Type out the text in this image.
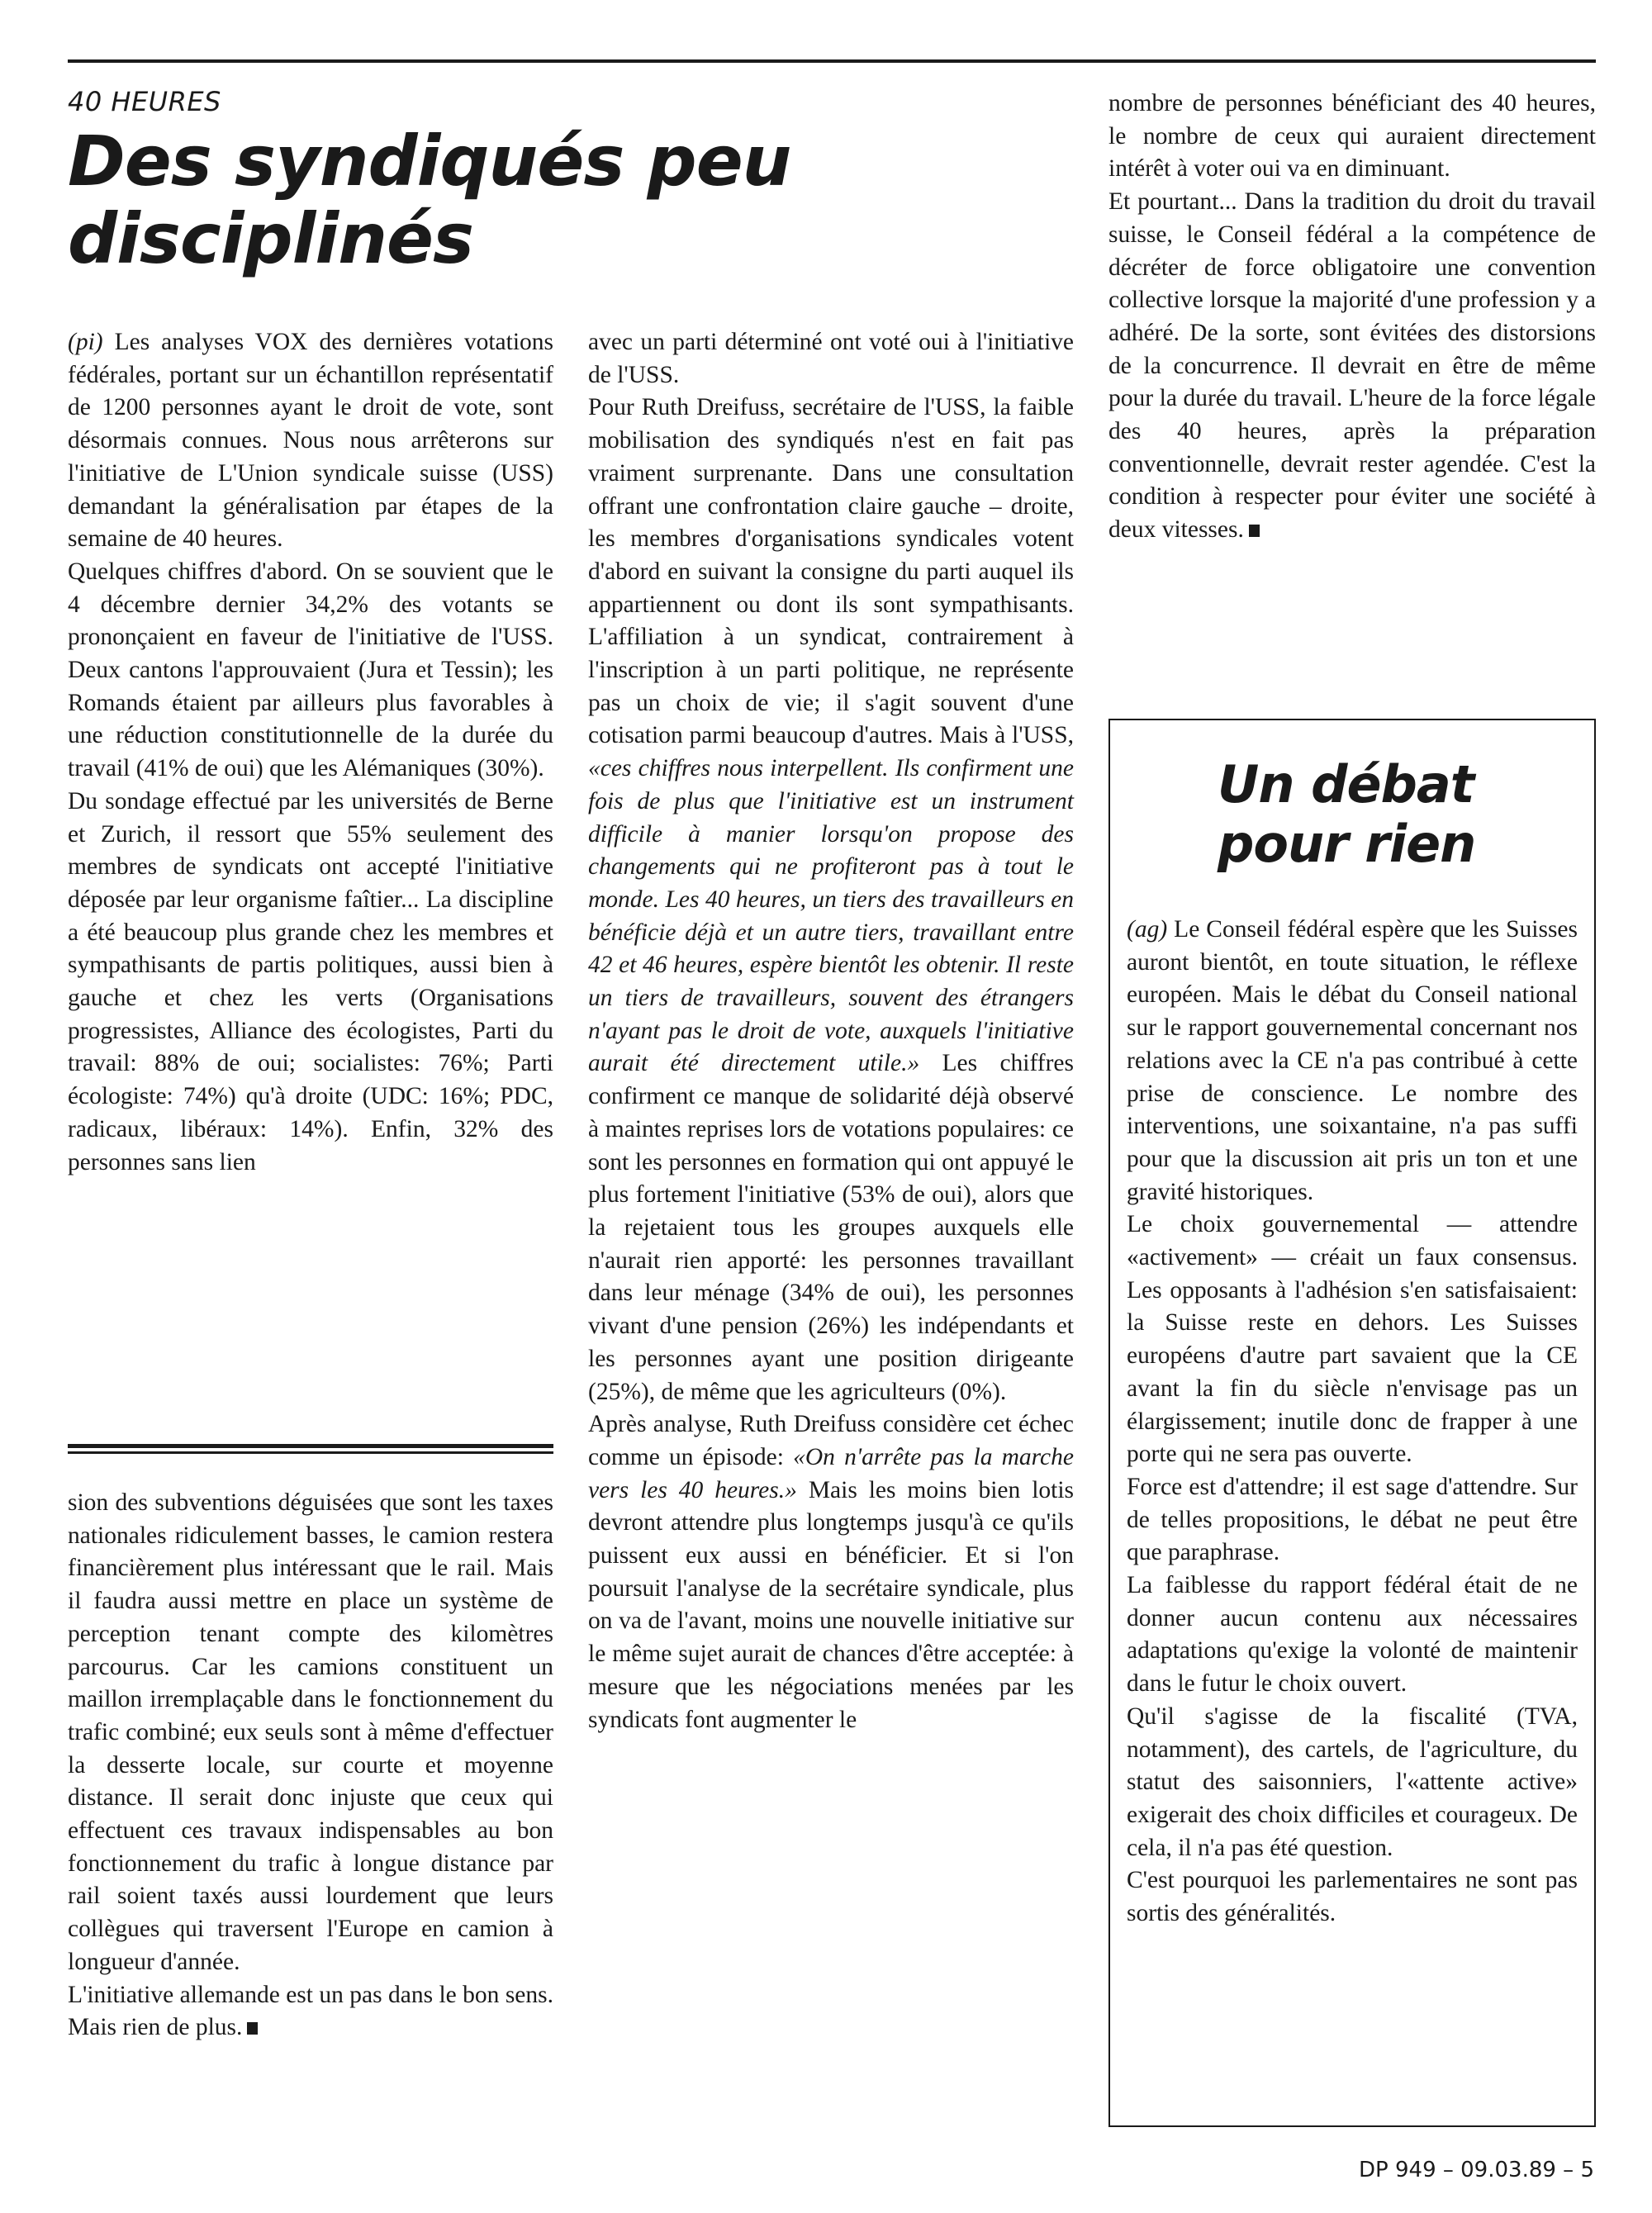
40 HEURES
Des syndiqués peu disciplinés

(pi) Les analyses VOX des dernières votations fédérales, portant sur un échantillon représentatif de 1200 personnes ayant le droit de vote, sont désormais connues. Nous nous arrêterons sur l'initiative de L'Union syndicale suisse (USS) demandant la généralisation par étapes de la semaine de 40 heures.

Quelques chiffres d'abord. On se souvient que le 4 décembre dernier 34,2% des votants se prononçaient en faveur de l'initiative de l'USS. Deux cantons l'approuvaient (Jura et Tessin); les Romands étaient par ailleurs plus favorables à une réduction constitutionnelle de la durée du travail (41% de oui) que les Alémaniques (30%).

Du sondage effectué par les universités de Berne et Zurich, il ressort que 55% seulement des membres de syndicats ont accepté l'initiative déposée par leur organisme faîtier... La discipline a été beaucoup plus grande chez les membres et sympathisants de partis politiques, aussi bien à gauche et chez les verts (Organisations progressistes, Alliance des écologistes, Parti du travail: 88% de oui; socialistes: 76%; Parti écologiste: 74%) qu'à droite (UDC: 16%; PDC, radicaux, libéraux: 14%). Enfin, 32% des personnes sans lien

sion des subventions déguisées que sont les taxes nationales ridiculement basses, le camion restera financièrement plus intéressant que le rail. Mais il faudra aussi mettre en place un système de perception tenant compte des kilomètres parcourus. Car les camions constituent un maillon irremplaçable dans le fonctionnement du trafic combiné; eux seuls sont à même d'effectuer la desserte locale, sur courte et moyenne distance. Il serait donc injuste que ceux qui effectuent ces travaux indispensables au bon fonctionnement du trafic à longue distance par rail soient taxés aussi lourdement que leurs collègues qui traversent l'Europe en camion à longueur d'année.

L'initiative allemande est un pas dans le bon sens. Mais rien de plus.

avec un parti déterminé ont voté oui à l'initiative de l'USS.

Pour Ruth Dreifuss, secrétaire de l'USS, la faible mobilisation des syndiqués n'est en fait pas vraiment surprenante. Dans une consultation offrant une confrontation claire gauche – droite, les membres d'organisations syndicales votent d'abord en suivant la consigne du parti auquel ils appartiennent ou dont ils sont sympathisants. L'affiliation à un syndicat, contrairement à l'inscription à un parti politique, ne représente pas un choix de vie; il s'agit souvent d'une cotisation parmi beaucoup d'autres. Mais à l'USS, «ces chiffres nous interpellent. Ils confirment une fois de plus que l'initiative est un instrument difficile à manier lorsqu'on propose des changements qui ne profiteront pas à tout le monde. Les 40 heures, un tiers des travailleurs en bénéficie déjà et un autre tiers, travaillant entre 42 et 46 heures, espère bientôt les obtenir. Il reste un tiers de travailleurs, souvent des étrangers n'ayant pas le droit de vote, auxquels l'initiative aurait été directement utile.» Les chiffres confirment ce manque de solidarité déjà observé à maintes reprises lors de votations populaires: ce sont les personnes en formation qui ont appuyé le plus fortement l'initiative (53% de oui), alors que la rejetaient tous les groupes auxquels elle n'aurait rien apporté: les personnes travaillant dans leur ménage (34% de oui), les personnes vivant d'une pension (26%) les indépendants et les personnes ayant une position dirigeante (25%), de même que les agriculteurs (0%).

Après analyse, Ruth Dreifuss considère cet échec comme un épisode: «On n'arrête pas la marche vers les 40 heures.» Mais les moins bien lotis devront attendre plus longtemps jusqu'à ce qu'ils puissent eux aussi en bénéficier. Et si l'on poursuit l'analyse de la secrétaire syndicale, plus on va de l'avant, moins une nouvelle initiative sur le même sujet aurait de chances d'être acceptée: à mesure que les négociations menées par les syndicats font augmenter le

nombre de personnes bénéficiant des 40 heures, le nombre de ceux qui auraient directement intérêt à voter oui va en diminuant.

Et pourtant... Dans la tradition du droit du travail suisse, le Conseil fédéral a la compétence de décréter de force obligatoire une convention collective lorsque la majorité d'une profession y a adhéré. De la sorte, sont évitées des distorsions de la concurrence. Il devrait en être de même pour la durée du travail. L'heure de la force légale des 40 heures, après la préparation conventionnelle, devrait rester agendée. C'est la condition à respecter pour éviter une société à deux vitesses.

Un débat pour rien

(ag) Le Conseil fédéral espère que les Suisses auront bientôt, en toute situation, le réflexe européen. Mais le débat du Conseil national sur le rapport gouvernemental concernant nos relations avec la CE n'a pas contribué à cette prise de conscience. Le nombre des interventions, une soixantaine, n'a pas suffi pour que la discussion ait pris un ton et une gravité historiques.

Le choix gouvernemental — attendre «activement» — créait un faux consensus. Les opposants à l'adhésion s'en satisfaisaient: la Suisse reste en dehors. Les Suisses européens d'autre part savaient que la CE avant la fin du siècle n'envisage pas un élargissement; inutile donc de frapper à une porte qui ne sera pas ouverte.

Force est d'attendre; il est sage d'attendre. Sur de telles propositions, le débat ne peut être que paraphrase.

La faiblesse du rapport fédéral était de ne donner aucun contenu aux nécessaires adaptations qu'exige la volonté de maintenir dans le futur le choix ouvert.

Qu'il s'agisse de la fiscalité (TVA, notamment), des cartels, de l'agriculture, du statut des saisonniers, l'«attente active» exigerait des choix difficiles et courageux. De cela, il n'a pas été question.

C'est pourquoi les parlementaires ne sont pas sortis des généralités.

DP 949 – 09.03.89 – 5
